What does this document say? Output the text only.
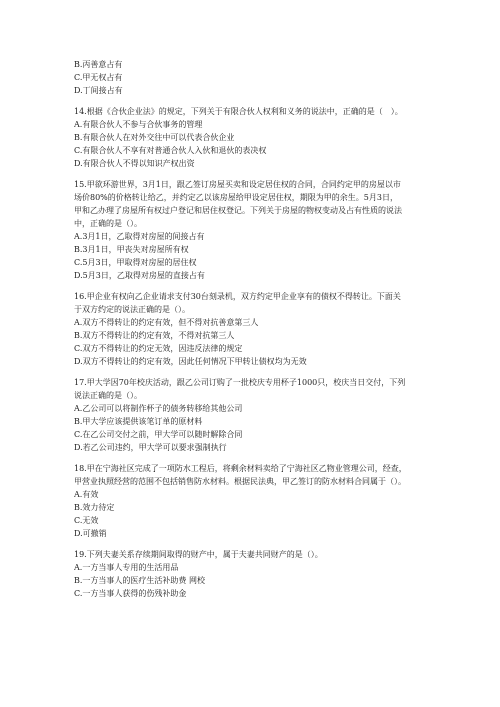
B.丙善意占有
C.甲无权占有
D.丁间接占有
14.根据《合伙企业法》的规定，下列关于有限合伙人权利和义务的说法中，正确的是（　）。
A.有限合伙人不参与合伙事务的管理
B.有限合伙人在对外交往中可以代表合伙企业
C.有限合伙人不享有对普通合伙人入伙和退伙的表决权
D.有限合伙人不得以知识产权出资
15.甲欲环游世界，3月1日，跟乙签订房屋买卖和设定居住权的合同，合同约定甲的房屋以市
场价80%的价格转让给乙，并约定乙以该房屋给甲设定居住权，期限为甲的余生。5月3日，
甲和乙办理了房屋所有权过户登记和居住权登记。下列关于房屋的物权变动及占有性质的说法
中，正确的是（）。
A.3月1日，乙取得对房屋的间接占有
B.3月1日，甲丧失对房屋所有权
C.5月3日，甲取得对房屋的居住权
D.5月3日，乙取得对房屋的直接占有
16.甲企业有权向乙企业请求支付30台刻录机，双方约定甲企业享有的债权不得转让。下面关
于双方约定的说法正确的是（）。
A.双方不得转让的约定有效，但不得对抗善意第三人
B.双方不得转让的约定有效，不得对抗第三人
C.双方不得转让的约定无效，因违反法律的规定
D.双方不得转让的约定有效，因此任何情况下甲转让债权均为无效
17.甲大学因70年校庆活动，跟乙公司订购了一批校庆专用杯子1000只，校庆当日交付，下列
说法正确的是（）。
A.乙公司可以将制作杯子的债务转移给其他公司
B.甲大学应该提供该笔订单的原材料
C.在乙公司交付之前，甲大学可以随时解除合同
D.若乙公司违约，甲大学可以要求强制执行
18.甲在宁海社区完成了一项防水工程后，将剩余材料卖给了宁海社区乙物业管理公司，经查，
甲营业执照经营的范围不包括销售防水材料。根据民法典，甲乙签订的防水材料合同属于（）。
A.有效
B.效力待定
C.无效
D.可撤销
19.下列夫妻关系存续期间取得的财产中，属于夫妻共同财产的是（）。
A.一方当事人专用的生活用品
B.一方当事人的医疗生活补助费 网校
C.一方当事人获得的伤残补助金
